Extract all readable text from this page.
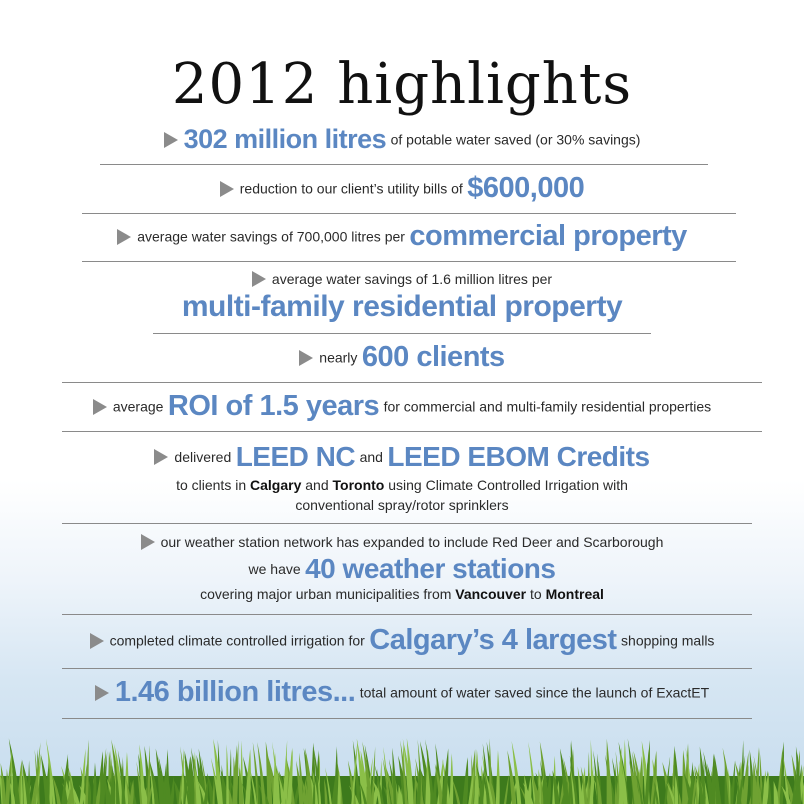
2012 highlights
302 million litres of potable water saved (or 30% savings)
reduction to our client’s utility bills of $600,000
average water savings of 700,000 litres per commercial property
average water savings of 1.6 million litres per
multi-family residential property
nearly 600 clients
average ROI of 1.5 years for commercial and multi-family residential properties
delivered LEED NC and LEED EBOM Credits
to clients in Calgary and Toronto using Climate Controlled Irrigation with
conventional spray/rotor sprinklers
our weather station network has expanded to include Red Deer and Scarborough
we have 40 weather stations
covering major urban municipalities from Vancouver to Montreal
completed climate controlled irrigation for Calgary’s 4 largest shopping malls
1.46 billion litres... total amount of water saved since the launch of ExactET
